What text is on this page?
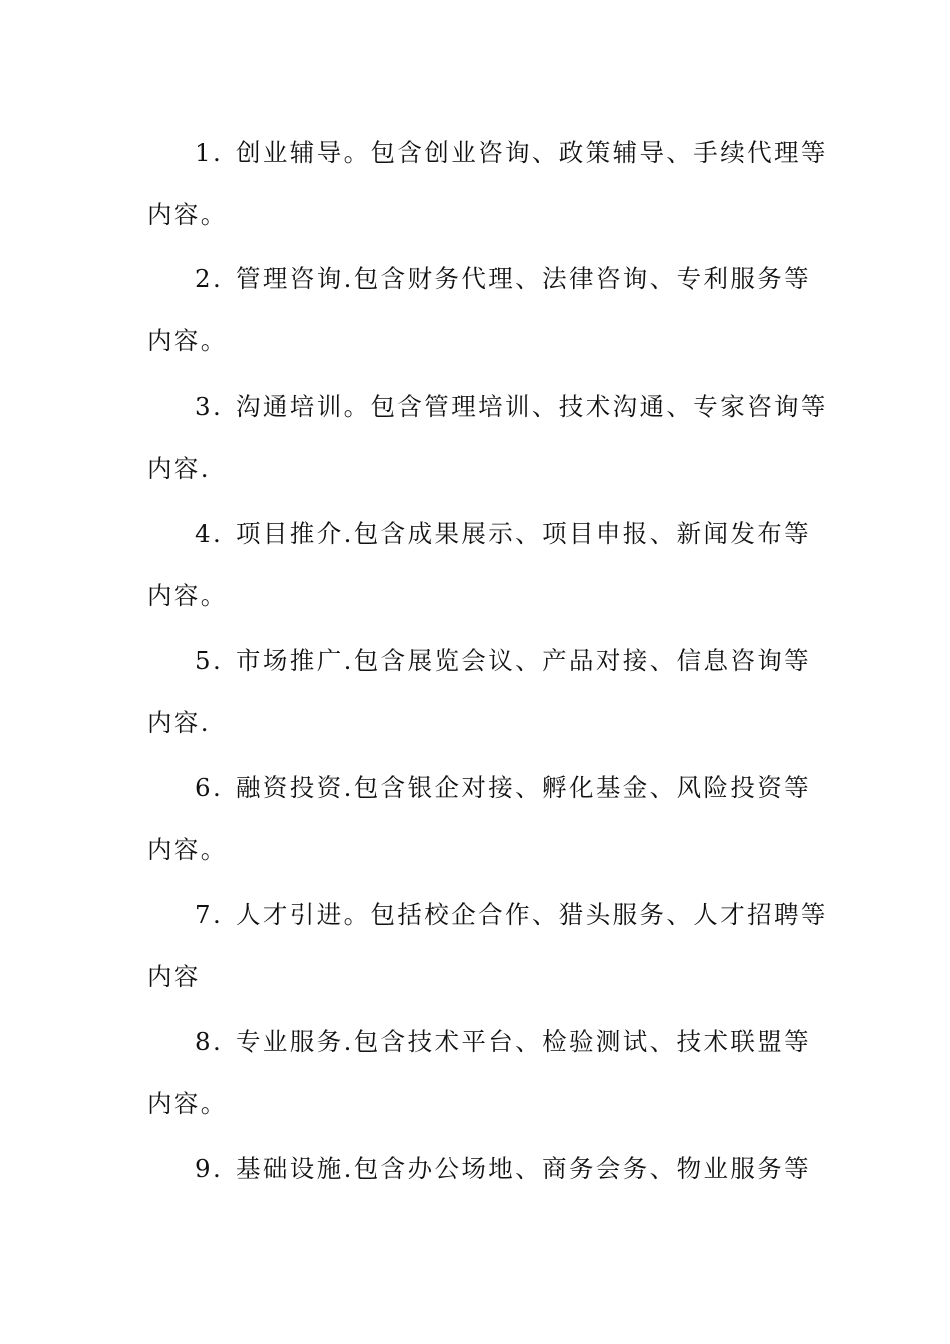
1. 创业辅导。包含创业咨询、政策辅导、手续代理等
内容。
2. 管理咨询.包含财务代理、法律咨询、专利服务等
内容。
3. 沟通培训。包含管理培训、技术沟通、专家咨询等
内容.
4. 项目推介.包含成果展示、项目申报、新闻发布等
内容。
5. 市场推广.包含展览会议、产品对接、信息咨询等
内容.
6. 融资投资.包含银企对接、孵化基金、风险投资等
内容。
7. 人才引进。包括校企合作、猎头服务、人才招聘等
内容
8. 专业服务.包含技术平台、检验测试、技术联盟等
内容。
9. 基础设施.包含办公场地、商务会务、物业服务等
